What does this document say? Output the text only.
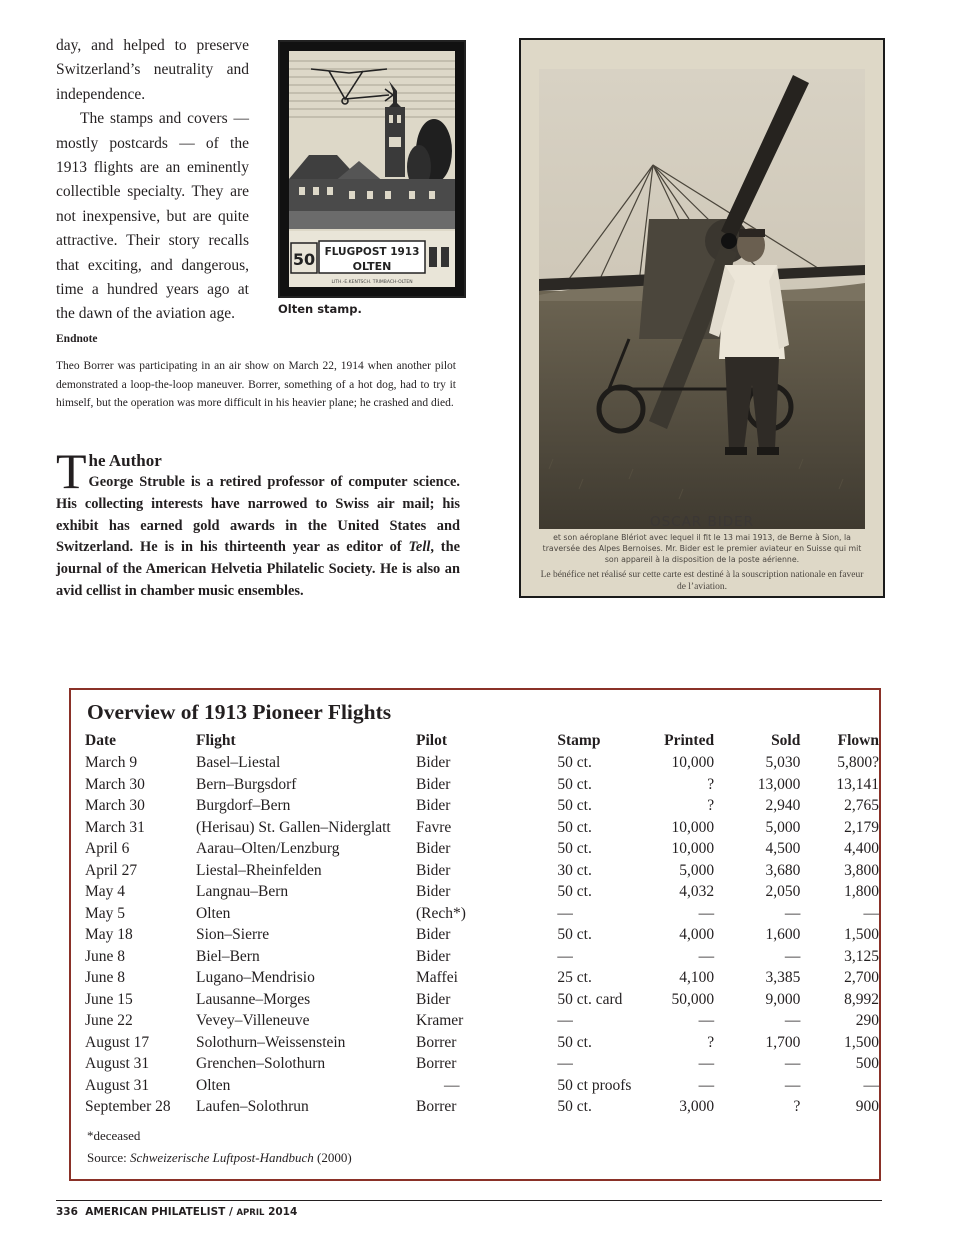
day, and helped to preserve Switzerland’s neutrality and independence.

The stamps and covers — mostly postcards — of the 1913 flights are an eminently collectible specialty. They are not inexpensive, but are quite attractive. Their story recalls that exciting, and dangerous, time a hundred years ago at the dawn of the aviation age.

50 FLUGPOST 1913
OLTEN
LITH.-E.KENTSCH. TRIMBACH-OLTEN
Olten stamp.
Endnote
Theo Borrer was participating in an air show on March 22, 1914 when another pilot demonstrated a loop-the-loop maneuver. Borrer, something of a hot dog, had to try it himself, but the operation was more difficult in his heavier plane; he crashed and died.
T he Author
George Struble is a retired professor of computer science. His collecting interests have narrowed to Swiss air mail; his exhibit has earned gold awards in the United States and Switzerland. He is in his thirteenth year as editor of Tell, the journal of the American Helvetia Philatelic Society. He is also an avid cellist in chamber music ensembles.
OSCAR BIDER
et son aéroplane Blériot avec lequel il fit le 13 mai 1913, de Berne à Sion, la traversée des Alpes Bernoises. Mr. Bider est le premier aviateur en Suisse qui mit son appareil à la disposition de la poste aérienne.
Le bénéfice net réalisé sur cette carte est destiné à la souscription nationale en faveur de l’aviation.
Overview of 1913 Pioneer Flights
Date	Flight	Pilot	Stamp	Printed	Sold	Flown
March 9	Basel–Liestal	Bider	50 ct.	10,000	5,030	5,800?
March 30	Bern–Burgsdorf	Bider	50 ct.	?	13,000	13,141
March 30	Burgdorf–Bern	Bider	50 ct.	?	2,940	2,765
March 31	(Herisau) St. Gallen–Niderglatt	Favre	50 ct.	10,000	5,000	2,179
April 6	Aarau–Olten/Lenzburg	Bider	50 ct.	10,000	4,500	4,400
April 27	Liestal–Rheinfelden	Bider	30 ct.	5,000	3,680	3,800
May 4	Langnau–Bern	Bider	50 ct.	4,032	2,050	1,800
May 5	Olten	(Rech*)	—	—	—	—
May 18	Sion–Sierre	Bider	50 ct.	4,000	1,600	1,500
June 8	Biel–Bern	Bider	—	—	—	3,125
June 8	Lugano–Mendrisio	Maffei	25 ct.	4,100	3,385	2,700
June 15	Lausanne–Morges	Bider	50 ct. card	50,000	9,000	8,992
June 22	Vevey–Villeneuve	Kramer	—	—	—	290
August 17	Solothurn–Weissenstein	Borrer	50 ct.	?	1,700	1,500
August 31	Grenchen–Solothurn	Borrer	—	—	—	500
August 31	Olten	—	50 ct proofs	—	—	—
September 28	Laufen–Solothrun	Borrer	50 ct.	3,000	?	900
*deceased
Source: Schweizerische Luftpost-Handbuch (2000)
336 AMERICAN PHILATELIST / APRIL 2014
